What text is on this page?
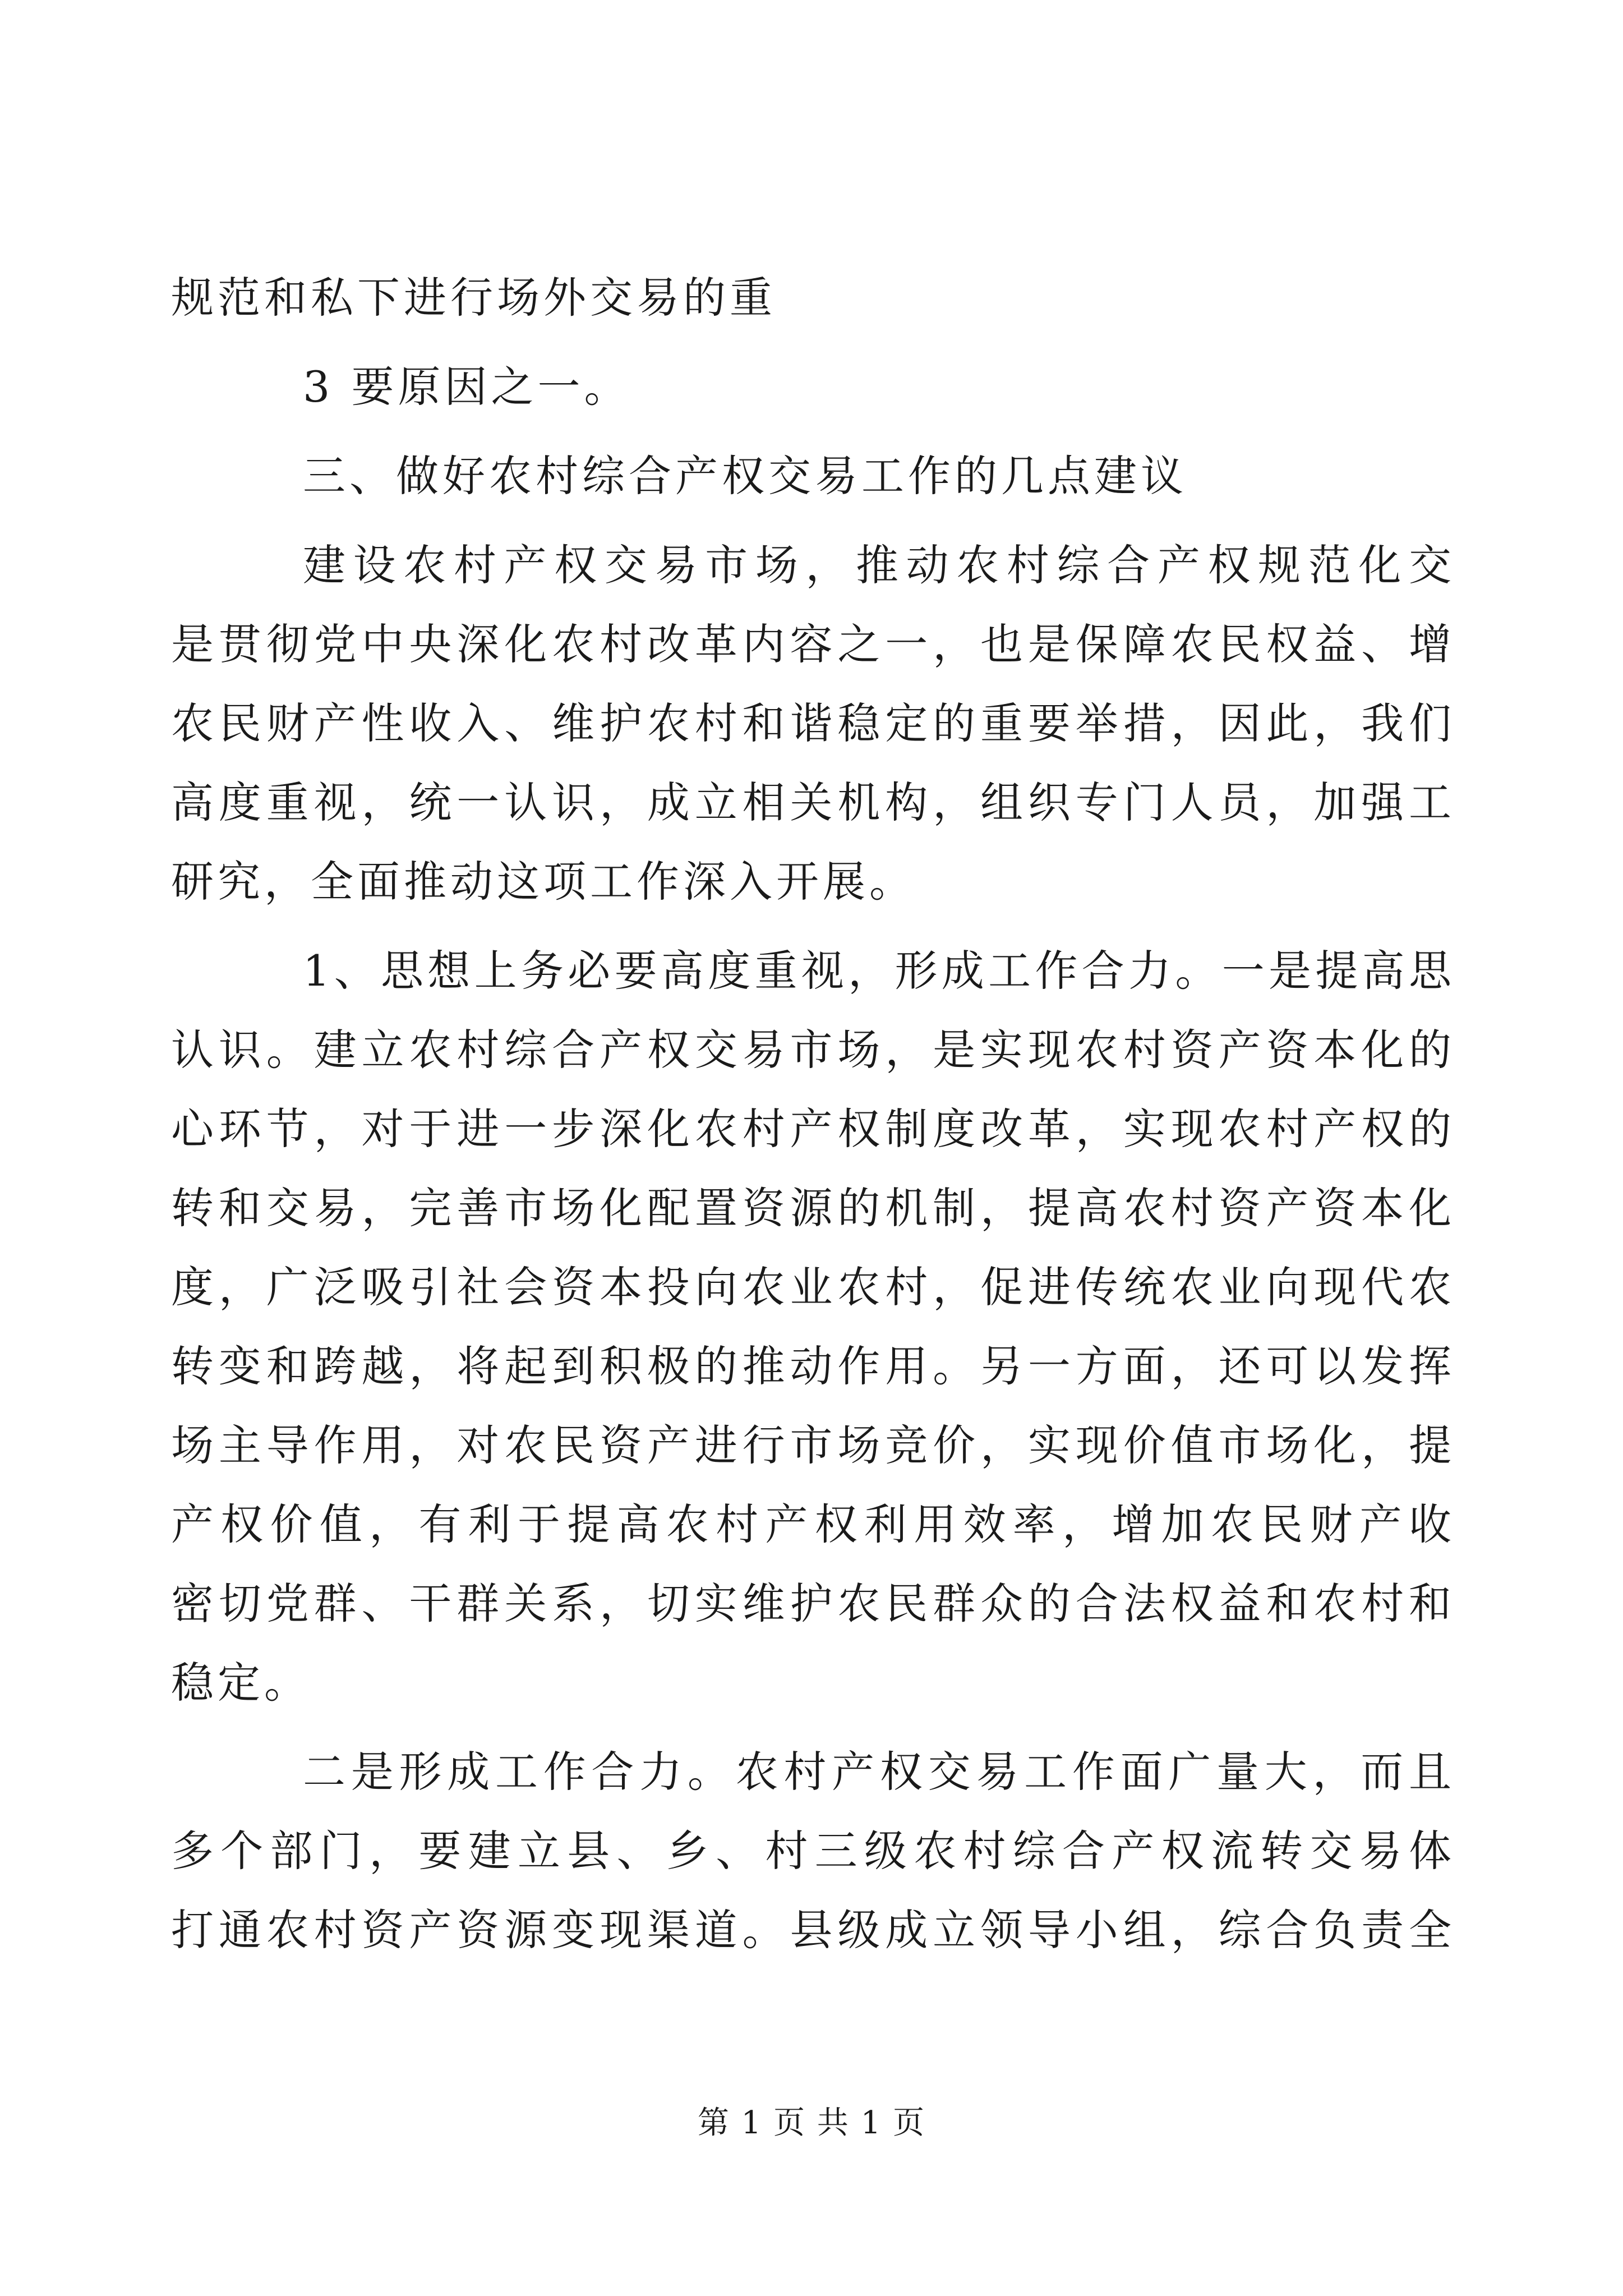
规范和私下进行场外交易的重
3 要原因之一。
三、做好农村综合产权交易工作的几点建议
建设农村产权交易市场，推动农村综合产权规范化交
是贯彻党中央深化农村改革内容之一，也是保障农民权益、增
农民财产性收入、维护农村和谐稳定的重要举措，因此，我们
高度重视，统一认识，成立相关机构，组织专门人员，加强工
研究，全面推动这项工作深入开展。
1、思想上务必要高度重视，形成工作合力。一是提高思
认识。建立农村综合产权交易市场，是实现农村资产资本化的
心环节，对于进一步深化农村产权制度改革，实现农村产权的
转和交易，完善市场化配置资源的机制，提高农村资产资本化
度，广泛吸引社会资本投向农业农村，促进传统农业向现代农
转变和跨越，将起到积极的推动作用。另一方面，还可以发挥
场主导作用，对农民资产进行市场竞价，实现价值市场化，提
产权价值，有利于提高农村产权利用效率，增加农民财产收
密切党群、干群关系，切实维护农民群众的合法权益和农村和
稳定。
二是形成工作合力。农村产权交易工作面广量大，而且
多个部门，要建立县、乡、村三级农村综合产权流转交易体
打通农村资产资源变现渠道。县级成立领导小组，综合负责全
第 1 页 共 1 页
